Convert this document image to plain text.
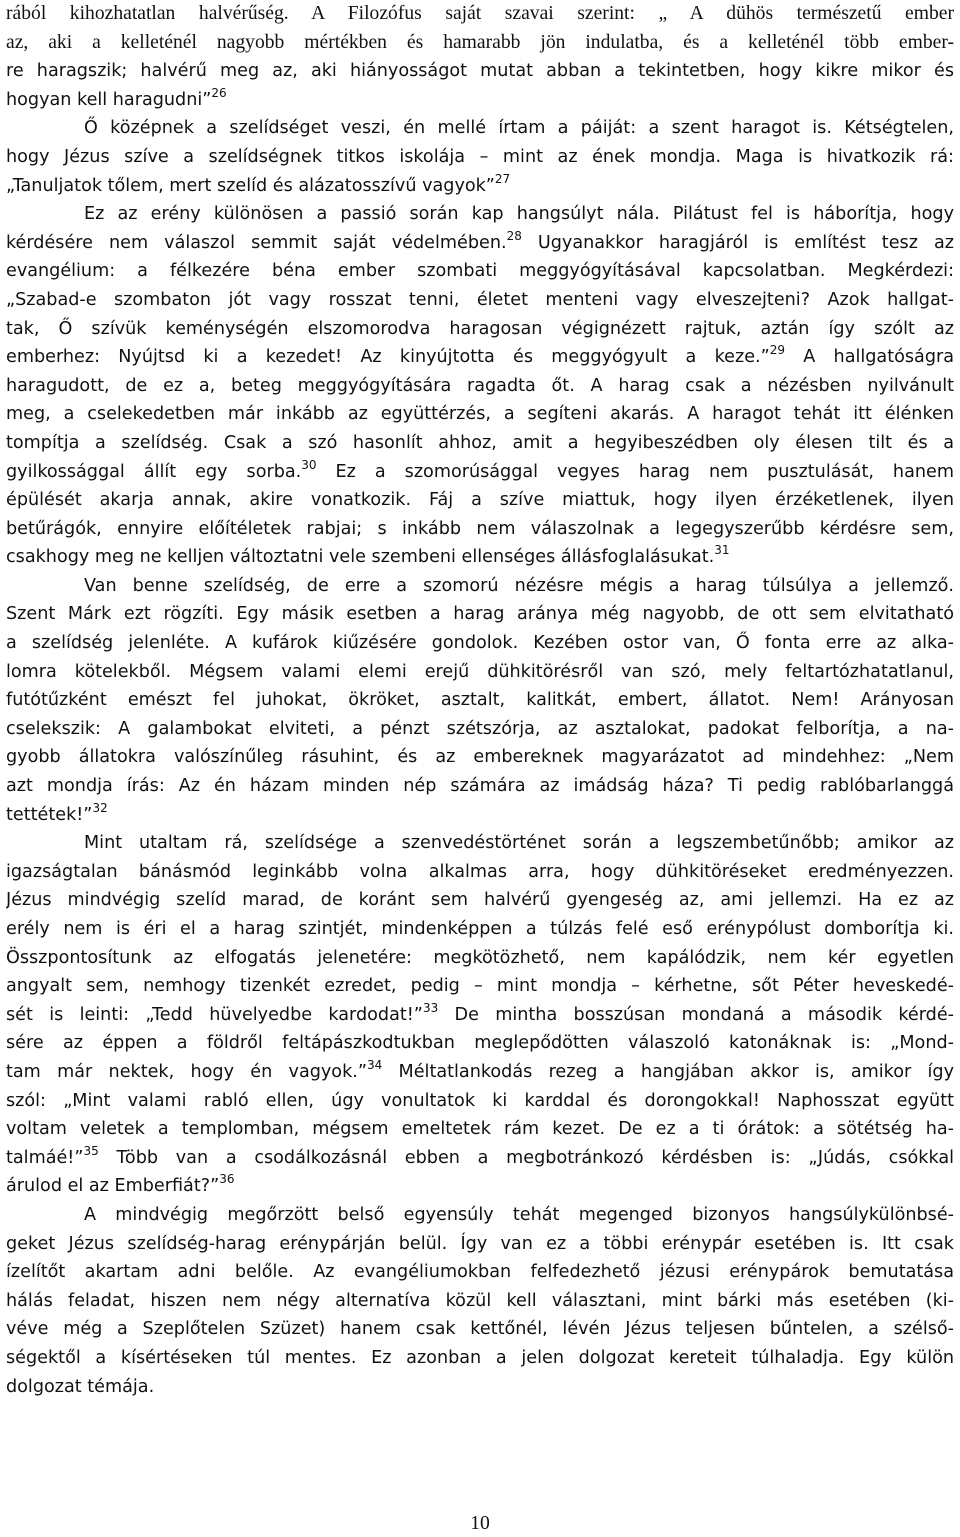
rából kihozhatatlan halvérűség. A Filozófus saját szavai szerint: „ A dühös természetű ember
az, aki a kelleténél nagyobb mértékben és hamarabb jön indulatba, és a kelleténél több ember-
re haragszik; halvérű meg az, aki hiányosságot mutat abban a tekintetben, hogy kikre mikor és
hogyan kell haragudni”$^{26}$
Ő középnek a szelídséget veszi, én mellé írtam a páiját: a szent haragot is. Kétségtelen,
hogy Jézus szíve a szelídségnek titkos iskolája – mint az ének mondja. Maga is hivatkozik rá:
„Tanuljatok tőlem, mert szelíd és alázatosszívű vagyok”$^{27}$
Ez az erény különösen a passió során kap hangsúlyt nála. Pilátust fel is háborítja, hogy
kérdésére nem válaszol semmit saját védelmében.$^{28}$ Ugyanakkor haragjáról is említést tesz az
evangélium: a félkezére béna ember szombati meggyógyításával kapcsolatban. Megkérdezi:
„Szabad-e szombaton jót vagy rosszat tenni, életet menteni vagy elveszejteni? Azok hallgat-
tak, Ő szívük keménységén elszomorodva haragosan végignézett rajtuk, aztán így szólt az
emberhez: Nyújtsd ki a kezedet! Az kinyújtotta és meggyógyult a keze.”$^{29}$ A hallgatóságra
haragudott, de ez a, beteg meggyógyítására ragadta őt. A harag csak a nézésben nyilvánult
meg, a cselekedetben már inkább az együttérzés, a segíteni akarás. A haragot tehát itt élénken
tompítja a szelídség. Csak a szó hasonlít ahhoz, amit a hegyibeszédben oly élesen tilt és a
gyilkossággal állít egy sorba.$^{30}$ Ez a szomorúsággal vegyes harag nem pusztulását, hanem
épülését akarja annak, akire vonatkozik. Fáj a szíve miattuk, hogy ilyen érzéketlenek, ilyen
betűrágók, ennyire előítéletek rabjai; s inkább nem válaszolnak a legegyszerűbb kérdésre sem,
csakhogy meg ne kelljen változtatni vele szembeni ellenséges állásfoglalásukat.$^{31}$
Van benne szelídség, de erre a szomorú nézésre mégis a harag túlsúlya a jellemző.
Szent Márk ezt rögzíti. Egy másik esetben a harag aránya még nagyobb, de ott sem elvitatható
a szelídség jelenléte. A kufárok kiűzésére gondolok. Kezében ostor van, Ő fonta erre az alka-
lomra kötelekből. Mégsem valami elemi erejű dühkitörésről van szó, mely feltartózhatatlanul,
futótűzként emészt fel juhokat, ökröket, asztalt, kalitkát, embert, állatot. Nem! Arányosan
cselekszik: A galambokat elviteti, a pénzt szétszórja, az asztalokat, padokat felborítja, a na-
gyobb állatokra valószínűleg rásuhint, és az embereknek magyarázatot ad mindehhez: „Nem
azt mondja írás: Az én házam minden nép számára az imádság háza? Ti pedig rablóbarlanggá
tettétek!”$^{32}$
Mint utaltam rá, szelídsége a szenvedéstörténet során a legszembetűnőbb; amikor az
igazságtalan bánásmód leginkább volna alkalmas arra, hogy dühkitöréseket eredményezzen.
Jézus mindvégig szelíd marad, de koránt sem halvérű gyengeség az, ami jellemzi. Ha ez az
erély nem is éri el a harag szintjét, mindenképpen a túlzás felé eső erénypólust domborítja ki.
Összpontosítunk az elfogatás jelenetére: megkötözhető, nem kapálódzik, nem kér egyetlen
angyalt sem, nemhogy tizenkét ezredet, pedig – mint mondja – kérhetne, sőt Péter heveskedé-
sét is leinti: „Tedd hüvelyedbe kardodat!”$^{33}$ De mintha bosszúsan mondaná a második kérdé-
sére az éppen a földről feltápászkodtukban meglepődötten válaszoló katonáknak is: „Mond-
tam már nektek, hogy én vagyok.”$^{34}$ Méltatlankodás rezeg a hangjában akkor is, amikor így
szól: „Mint valami rabló ellen, úgy vonultatok ki karddal és dorongokkal! Naphosszat együtt
voltam veletek a templomban, mégsem emeltetek rám kezet. De ez a ti órátok: a sötétség ha-
talmáé!”$^{35}$ Több van a csodálkozásnál ebben a megbotránkozó kérdésben is: „Júdás, csókkal
árulod el az Emberfiát?”$^{36}$
A mindvégig megőrzött belső egyensúly tehát megenged bizonyos hangsúlykülönbsé-
geket Jézus szelídség-harag erénypárján belül. Így van ez a többi erénypár esetében is. Itt csak
ízelítőt akartam adni belőle. Az evangéliumokban felfedezhető jézusi erénypárok bemutatása
hálás feladat, hiszen nem négy alternatíva közül kell választani, mint bárki más esetében (ki-
véve még a Szeplőtelen Szüzet) hanem csak kettőnél, lévén Jézus teljesen bűntelen, a szélső-
ségektől a kísértéseken túl mentes. Ez azonban a jelen dolgozat kereteit túlhaladja. Egy külön
dolgozat témája.
10
